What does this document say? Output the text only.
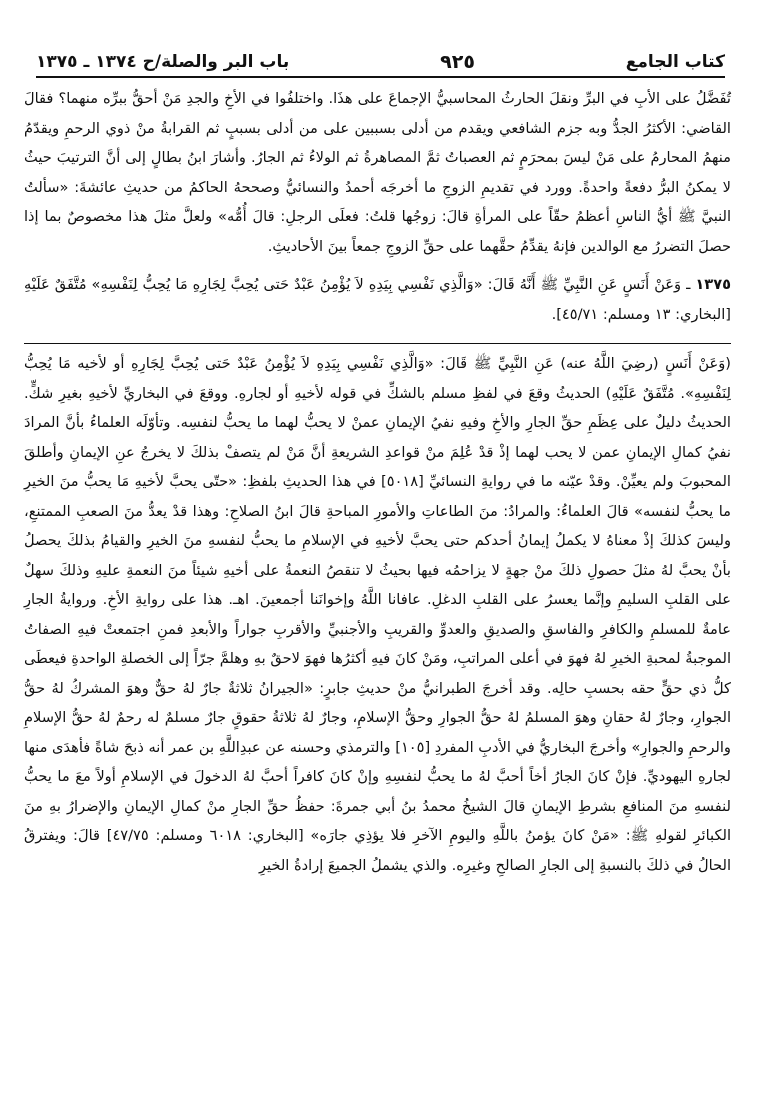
كتاب الجامع
٩٢٥
باب البر والصلة/ح ١٣٧٤ ـ ١٣٧٥

تُفَضَّلُ على الأبِ في البرِّ ونقلَ الحارثُ المحاسبيُّ الإجماعَ على هذَا. واختلفُوا في الأخِ والجدِ مَنْ أحقُّ ببرِّه منهما؟ فقالَ القاضي: الأكثرُ الجدُّ وبه جزم الشافعي ويقدم من أدلى بسببين على من أدلى بسببٍ ثم القرابةُ منْ ذوي الرحمِ ويقدّمُ منهمُ المحارمُ على مَنْ ليسَ بمحرَمٍ ثم العصباتُ ثمَّ المصاهرةُ ثم الولاءُ ثم الجارُ. وأشارَ ابنُ بطالٍ إلى أنَّ الترتيبَ حيثُ لا يمكنُ البرُّ دفعةً واحدةً. وورد في تقديمِ الزوجِ ما أخرجَه أحمدُ والنسائيُّ وصححهُ الحاكمُ من حديثِ عائشةَ: «سألتُ النبيَّ ﷺ أيُّ الناسِ أعظمُ حقّاً على المرأةِ قالَ: زوجُها قلتُ: فعلَى الرجلِ: قالَ أُمُّه» ولعلَّ مثلَ هذا مخصوصٌ بما إذا حصلَ التضررُ مع الوالدين فإنهُ يقدِّمُ حقَّهما على حقِّ الزوجِ جمعاً بينَ الأحاديثِ.

١٣٧٥ ـ وَعَنْ أَنَسٍ عَنِ النَّبِيِّ ﷺ أَنَّهُ قَالَ: «وَالَّذِي نَفْسِي بِيَدِهِ لاَ يُؤْمِنُ عَبْدٌ حَتى يُحِبَّ لِجَارِهِ مَا يُحِبُّ لِنَفْسِهِ» مُتَّفَقٌ عَلَيْهِ [البخاري: ١٣ ومسلم: ٤٥/٧١].

(وَعَنْ أَنَسٍ (رضِيَ اللَّهُ عنه) عَنِ النَّبِيِّ ﷺ قَالَ: «وَالَّذِي نَفْسِي بِيَدِهِ لاَ يُؤْمِنُ عَبْدٌ حَتى يُحِبَّ لِجَارِهِ أو لأخيه مَا يُحِبُّ لِنَفْسِهِ». مُتَّفَقٌ عَلَيْهِ) الحديثُ وقعَ في لفظِ مسلم بالشكِّ في قوله لأخيهِ أو لجارهِ. ووقعَ في البخاريِّ لأخيهِ بغيرِ شكٍّ. الحديثُ دليلٌ على عِظَمِ حقِّ الجارِ والأخِ وفيهِ نفيُ الإيمانِ عمنْ لا يحبُّ لهما ما يحبُّ لنفسِه. وتأوّلَه العلماءُ بأنَّ المرادَ نفيُ كمالِ الإيمانِ عمن لا يحب لهما إذْ قدْ عُلِمَ منْ قواعدِ الشريعةِ أنَّ مَنْ لم يتصفْ بذلكَ لا يخرجُ عنِ الإيمانِ وأطلقَ المحبوبَ ولم يعيِّنْ. وقدْ عيّنه ما في روايةِ النسائيِّ [٥٠١٨] في هذا الحديثِ بلفظِ: «حتّى يحبَّ لأخيهِ مَا يحبُّ منَ الخيرِ ما يحبُّ لنفسه» قالَ العلماءُ: والمرادُ: منَ الطاعاتِ والأمورِ المباحةِ قالَ ابنُ الصلاحِ: وهذا قدْ يعدُّ منَ الصعبِ الممتنعِ، وليسَ كذلكَ إذْ معناهُ لا يكملُ إيمانُ أحدكم حتى يحبَّ لأخيهِ في الإسلامِ ما يحبُّ لنفسهِ منَ الخيرِ والقيامُ بذلكَ يحصلُ بأنْ يحبَّ لهُ مثلَ حصولِ ذلكَ منْ جهةٍ لا يزاحمُه فيها بحيثُ لا تنقصُ النعمةُ على أخيهِ شيئاً منَ النعمةِ عليهِ وذلكَ سهلٌ على القلبِ السليمِ وإنَّما يعسرُ على القلبِ الدغلِ. عافانا اللَّهُ وإخوانَنا أجمعينَ. اهـ. هذا على روايةِ الأخِ. وروايةُ الجارِ عامةٌ للمسلمِ والكافرِ والفاسقِ والصديقِ والعدوِّ والقريبِ والأجنبيِّ والأقربِ جواراً والأبعدِ فمنِ اجتمعتْ فيهِ الصفاتُ الموجبةُ لمحبةِ الخيرِ لهُ فهوَ في أعلى المراتبِ، ومَنْ كانَ فيهِ أكثرُها فهوَ لاحقٌ بهِ وهلمَّ جرّاً إلى الخصلةِ الواحدةِ فيعطَى كلُّ ذي حقٍّ حقه بحسبِ حالِه. وقد أخرجَ الطبرانيُّ منْ حديثِ جابرٍ: «الجيرانُ ثلاثةٌ جارٌ لهُ حقٌّ وهوَ المشركُ لهُ حقُّ الجوارِ، وجارٌ لهُ حقانِ وهوَ المسلمُ لهُ حقُّ الجوارِ وحقُّ الإسلامِ، وجارٌ لهُ ثلاثةُ حقوقٍ جارٌ مسلمٌ له رحمٌ لهُ حقُّ الإسلامِ والرحمِ والجوارِ» وأخرجَ البخاريُّ في الأدبِ المفردِ [١٠٥] والترمذي وحسنه عن عبدِاللَّهِ بن عمر أنه ذبحَ شاةً فأهدَى منها لجارهِ اليهوديِّ. فإنْ كانَ الجارُ أخاً أحبَّ لهُ ما يحبُّ لنفسِهِ وإنْ كانَ كافراً أحبَّ لهُ الدخولَ في الإسلامِ أولاً معَ ما يحبُّ لنفسهِ منَ المنافعِ بشرطِ الإيمانِ قالَ الشيخُ محمدُ بنُ أبي جمرةَ: حفظُ حقِّ الجارِ منْ كمالِ الإيمانِ والإضرارُ بهِ منَ الكبائرِ لقولهِ ﷺ: «مَنْ كانَ يؤمنُ باللَّهِ واليومِ الآخرِ فلا يؤذِي جارَه» [البخاري: ٦٠١٨ ومسلم: ٤٧/٧٥] قالَ: ويفترقُ الحالُ في ذلكَ بالنسبةِ إلى الجارِ الصالحِ وغيرِه. والذي يشملُ الجميعَ إرادةُ الخيرِ
